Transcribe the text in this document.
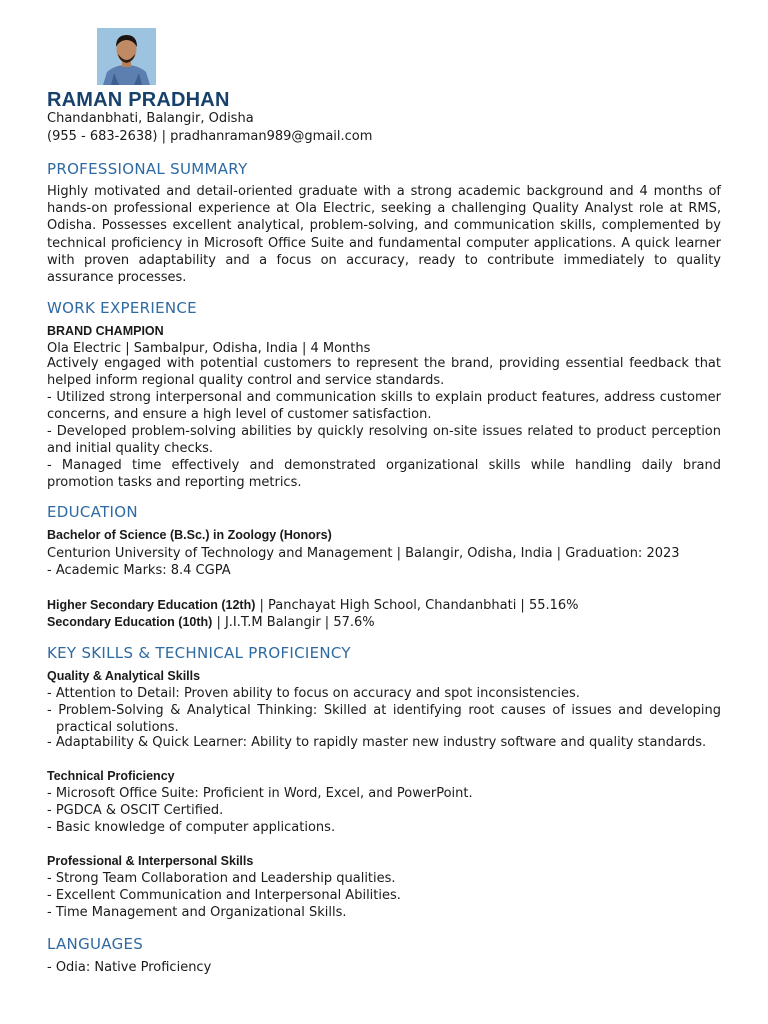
RAMAN PRADHAN
Chandanbhati, Balangir, Odisha
(955 - 683-2638) | pradhanraman989@gmail.com
PROFESSIONAL SUMMARY

Highly motivated and detail-oriented graduate with a strong academic background and 4 months of hands-on professional experience at Ola Electric, seeking a challenging Quality Analyst role at RMS, Odisha. Possesses excellent analytical, problem-solving, and communication skills, complemented by technical proficiency in Microsoft Office Suite and fundamental computer applications. A quick learner with proven adaptability and a focus on accuracy, ready to contribute immediately to quality assurance processes.

WORK EXPERIENCE

BRAND CHAMPION

Ola Electric | Sambalpur, Odisha, India | 4 Months
Actively engaged with potential customers to represent the brand, providing essential feedback that helped inform regional quality control and service standards.
- Utilized strong interpersonal and communication skills to explain product features, address customer concerns, and ensure a high level of customer satisfaction.
- Developed problem-solving abilities by quickly resolving on-site issues related to product perception and initial quality checks.
- Managed time effectively and demonstrated organizational skills while handling daily brand promotion tasks and reporting metrics.
EDUCATION

Bachelor of Science (B.Sc.) in Zoology (Honors)

Centurion University of Technology and Management | Balangir, Odisha, India | Graduation: 2023
- Academic Marks: 8.4 CGPA
Higher Secondary Education (12th) | Panchayat High School, Chandanbhati | 55.16%
Secondary Education (10th) | J.I.T.M Balangir | 57.6%
KEY SKILLS & TECHNICAL PROFICIENCY

Quality & Analytical Skills

- Attention to Detail: Proven ability to focus on accuracy and spot inconsistencies.
- Problem-Solving & Analytical Thinking: Skilled at identifying root causes of issues and developing practical solutions.
- Adaptability & Quick Learner: Ability to rapidly master new industry software and quality standards.

Technical Proficiency

- Microsoft Office Suite: Proficient in Word, Excel, and PowerPoint.
- PGDCA & OSCIT Certified.
- Basic knowledge of computer applications.

Professional & Interpersonal Skills

- Strong Team Collaboration and Leadership qualities.
- Excellent Communication and Interpersonal Abilities.
- Time Management and Organizational Skills.
LANGUAGES
- Odia: Native Proficiency
